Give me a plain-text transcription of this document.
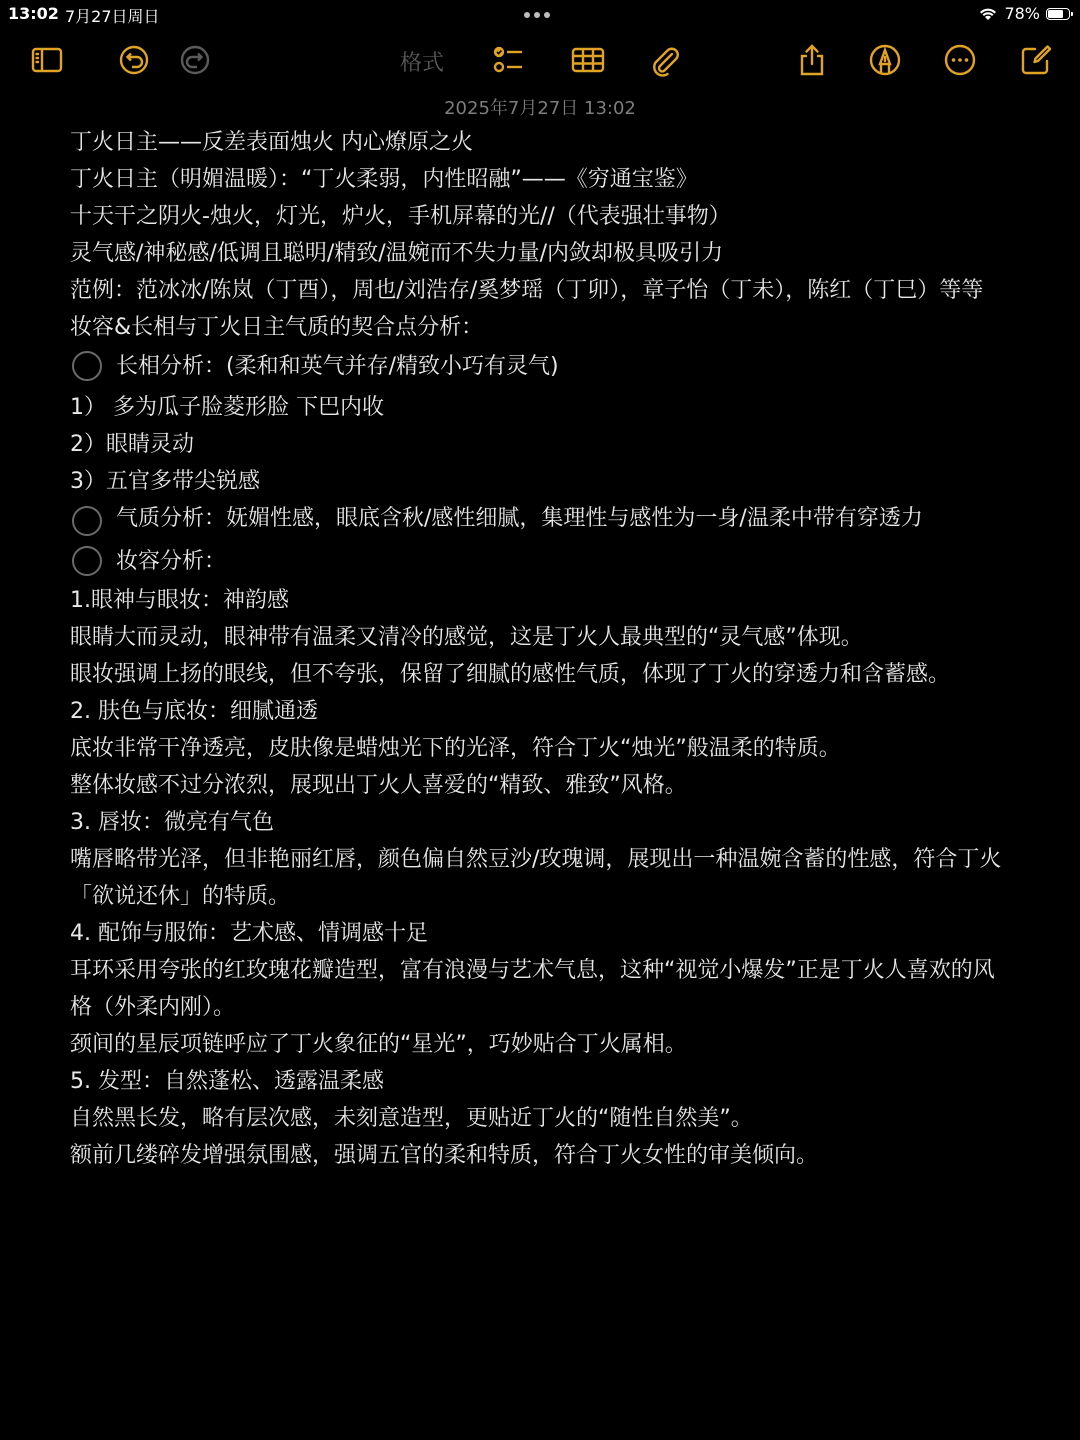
13:02 7月27日周日	78%
格式
2025年7月27日 13:02
丁火日主——反差表面烛火 内心燎原之火
丁火日主（明媚温暖）：“丁火柔弱，内性昭融”——《穷通宝鉴》
十天干之阴火-烛火，灯光，炉火，手机屏幕的光//（代表强壮事物）
灵气感/神秘感/低调且聪明/精致/温婉而不失力量/内敛却极具吸引力
范例：范冰冰/陈岚（丁酉），周也/刘浩存/奚梦瑶（丁卯），章子怡（丁未），陈红（丁巳）等等
妆容&长相与丁火日主气质的契合点分析：
长相分析：(柔和和英气并存/精致小巧有灵气)
1） 多为瓜子脸菱形脸 下巴内收
2）眼睛灵动
3）五官多带尖锐感
气质分析：妩媚性感，眼底含秋/感性细腻，集理性与感性为一身/温柔中带有穿透力
妆容分析：
1.眼神与眼妆：神韵感
眼睛大而灵动，眼神带有温柔又清冷的感觉，这是丁火人最典型的“灵气感”体现。
眼妆强调上扬的眼线，但不夸张，保留了细腻的感性气质，体现了丁火的穿透力和含蓄感。
2. 肤色与底妆：细腻通透
底妆非常干净透亮，皮肤像是蜡烛光下的光泽，符合丁火“烛光”般温柔的特质。
整体妆感不过分浓烈，展现出丁火人喜爱的“精致、雅致”风格。
3. 唇妆：微亮有气色
嘴唇略带光泽，但非艳丽红唇，颜色偏自然豆沙/玫瑰调，展现出一种温婉含蓄的性感，符合丁火「欲说还休」的特质。
4. 配饰与服饰：艺术感、情调感十足
耳环采用夸张的红玫瑰花瓣造型，富有浪漫与艺术气息，这种“视觉小爆发”正是丁火人喜欢的风格（外柔内刚）。
颈间的星辰项链呼应了丁火象征的“星光”，巧妙贴合丁火属相。
5. 发型：自然蓬松、透露温柔感
自然黑长发，略有层次感，未刻意造型，更贴近丁火的“随性自然美”。
额前几缕碎发增强氛围感，强调五官的柔和特质，符合丁火女性的审美倾向。
